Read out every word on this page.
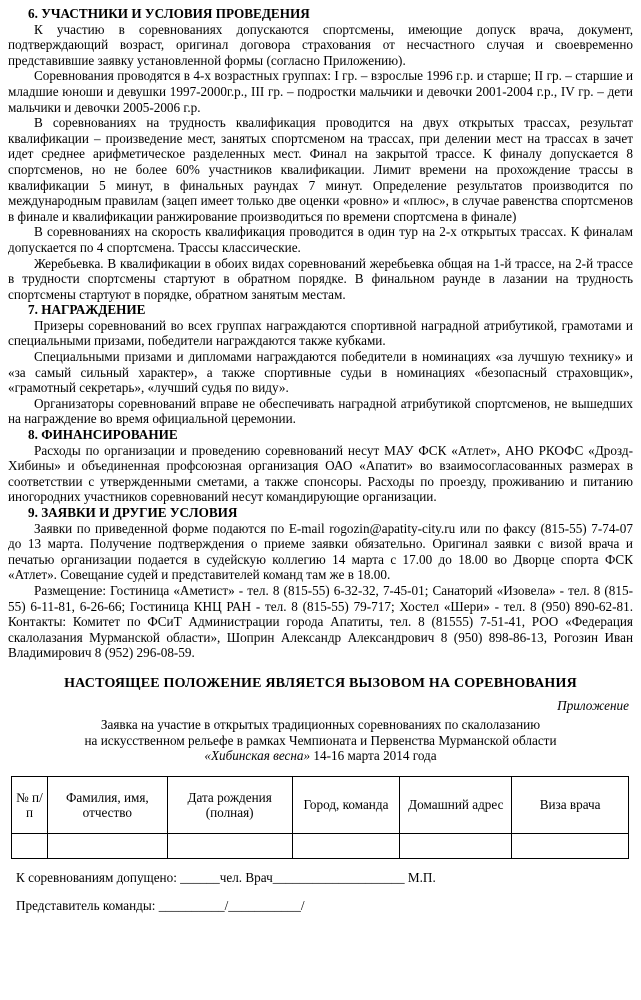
6. УЧАСТНИКИ И УСЛОВИЯ ПРОВЕДЕНИЯ

К участию в соревнованиях допускаются спортсмены, имеющие допуск врача, документ, подтверждающий возраст, оригинал договора страхования от несчастного случая и своевременно представившие заявку установленной формы (согласно Приложению).

Соревнования проводятся в 4-х возрастных группах: I гр. – взрослые 1996 г.р. и старше; II гр. – старшие и младшие юноши и девушки 1997-2000г.р., III гр. – подростки мальчики и девочки 2001-2004 г.р., IV гр. – дети мальчики и девочки 2005-2006 г.р.

В соревнованиях на трудность квалификация проводится на двух открытых трассах, результат квалификации – произведение мест, занятых спортсменом на трассах, при делении мест на трассах в зачет идет среднее арифметическое разделенных мест. Финал на закрытой трассе. К финалу допускается 8 спортсменов, но не более 60% участников квалификации. Лимит времени на прохождение трассы в квалификации 5 минут, в финальных раундах 7 минут. Определение результатов производится по международным правилам (зацеп имеет только две оценки «ровно» и «плюс», в случае равенства спортсменов в финале и квалификации ранжирование производиться по времени спортсмена в финале)

В соревнованиях на скорость квалификация проводится в один тур на 2-х открытых трассах. К финалам допускается по 4 спортсмена. Трассы классические.

Жеребьевка. В квалификации в обоих видах соревнований жеребьевка общая на 1-й трассе, на 2-й трассе в трудности спортсмены стартуют в обратном порядке. В финальном раунде в лазании на трудность спортсмены стартуют в порядке, обратном занятым местам.

7. НАГРАЖДЕНИЕ

Призеры соревнований во всех группах награждаются спортивной наградной атрибутикой, грамотами и специальными призами, победители награждаются также кубками.

Специальными призами и дипломами награждаются победители в номинациях «за лучшую технику» и «за самый сильный характер», а также спортивные судьи в номинациях «безопасный страховщик», «грамотный секретарь», «лучший судья по виду».

Организаторы соревнований вправе не обеспечивать наградной атрибутикой спортсменов, не вышедших на награждение во время официальной церемонии.

8. ФИНАНСИРОВАНИЕ

Расходы по организации и проведению соревнований несут МАУ ФСК «Атлет», АНО РКОФС «Дрозд-Хибины» и объединенная профсоюзная организация ОАО «Апатит» во взаимосогласованных размерах в соответствии с утвержденными сметами, а также спонсоры. Расходы по проезду, проживанию и питанию иногородних участников соревнований несут командирующие организации.

9. ЗАЯВКИ И ДРУГИЕ УСЛОВИЯ

Заявки по приведенной форме подаются по E-mail rogozin@apatity-city.ru или по факсу (815-55) 7-74-07 до 13 марта. Получение подтверждения о приеме заявки обязательно. Оригинал заявки с визой врача и печатью организации подается в судейскую коллегию 14 марта с 17.00 до 18.00 во Дворце спорта ФСК «Атлет». Совещание судей и представителей команд там же в 18.00.

Размещение: Гостиница «Аметист» - тел. 8 (815-55) 6-32-32, 7-45-01; Санаторий «Изовела» - тел. 8 (815-55) 6-11-81, 6-26-66; Гостиница КНЦ РАН - тел. 8 (815-55) 79-717; Хостел «Шери» - тел. 8 (950) 890-62-81. Контакты: Комитет по ФСиТ Администрации города Апатиты, тел. 8 (81555) 7-51-41, РОО «Федерация скалолазания Мурманской области», Шоприн Александр Александрович 8 (950) 898-86-13, Рогозин Иван Владимирович 8 (952) 296-08-59.

НАСТОЯЩЕЕ ПОЛОЖЕНИЕ ЯВЛЯЕТСЯ ВЫЗОВОМ НА СОРЕВНОВАНИЯ
Приложение
Заявка на участие в открытых традиционных соревнованиях по скалолазанию
на искусственном рельефе в рамках Чемпионата и Первенства Мурманской области
«Хибинская весна» 14-16 марта 2014 года
№ п/п	Фамилия, имя, отчество	Дата рождения (полная)	Город, команда	Домашний адрес	Виза врача

К соревнованиям допущено: ______чел. Врач____________________ М.П.
Представитель команды: __________/___________/
